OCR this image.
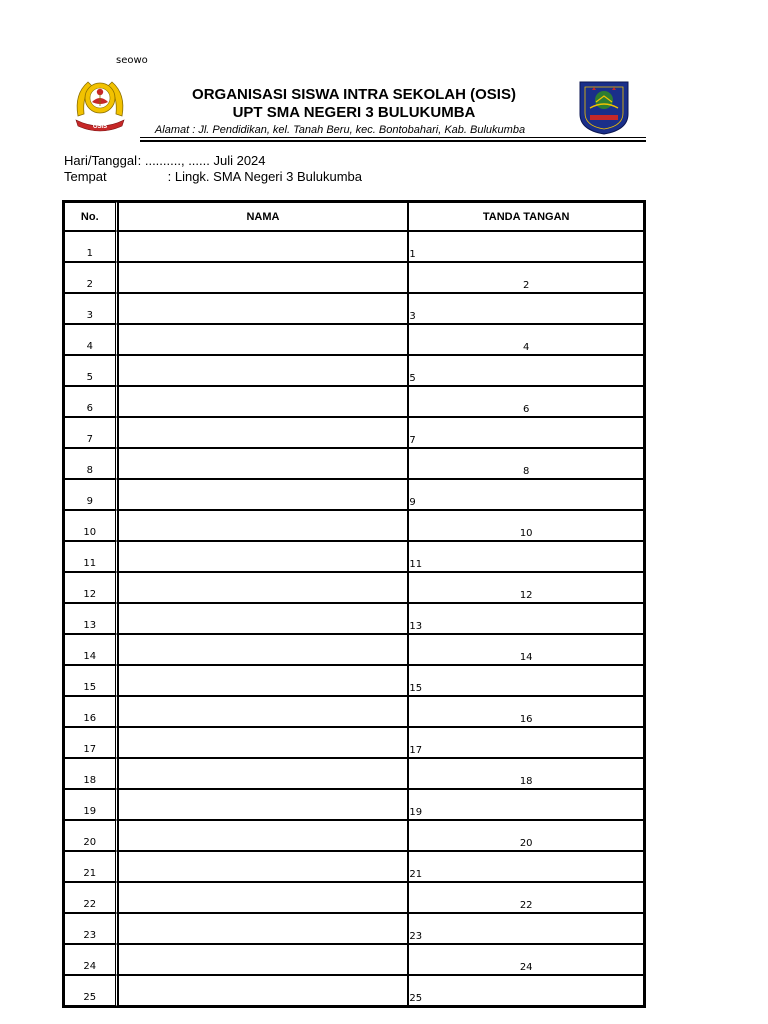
seowo
OSIS
ORGANISASI SISWA INTRA SEKOLAH (OSIS)
UPT SMA NEGERI 3 BULUKUMBA
Alamat : Jl. Pendidikan, kel. Tanah Beru, kec. Bontobahari, Kab. Bulukumba
Hari/Tanggal : .........., ...... Juli 2024
Tempat	: Lingk. SMA Negeri 3 Bulukumba
No.	NAMA	TANDA TANGAN
1		1
2		2
3		3
4		4
5		5
6		6
7		7
8		8
9		9
10		10
11		11
12		12
13		13
14		14
15		15
16		16
17		17
18		18
19		19
20		20
21		21
22		22
23		23
24		24
25		25
